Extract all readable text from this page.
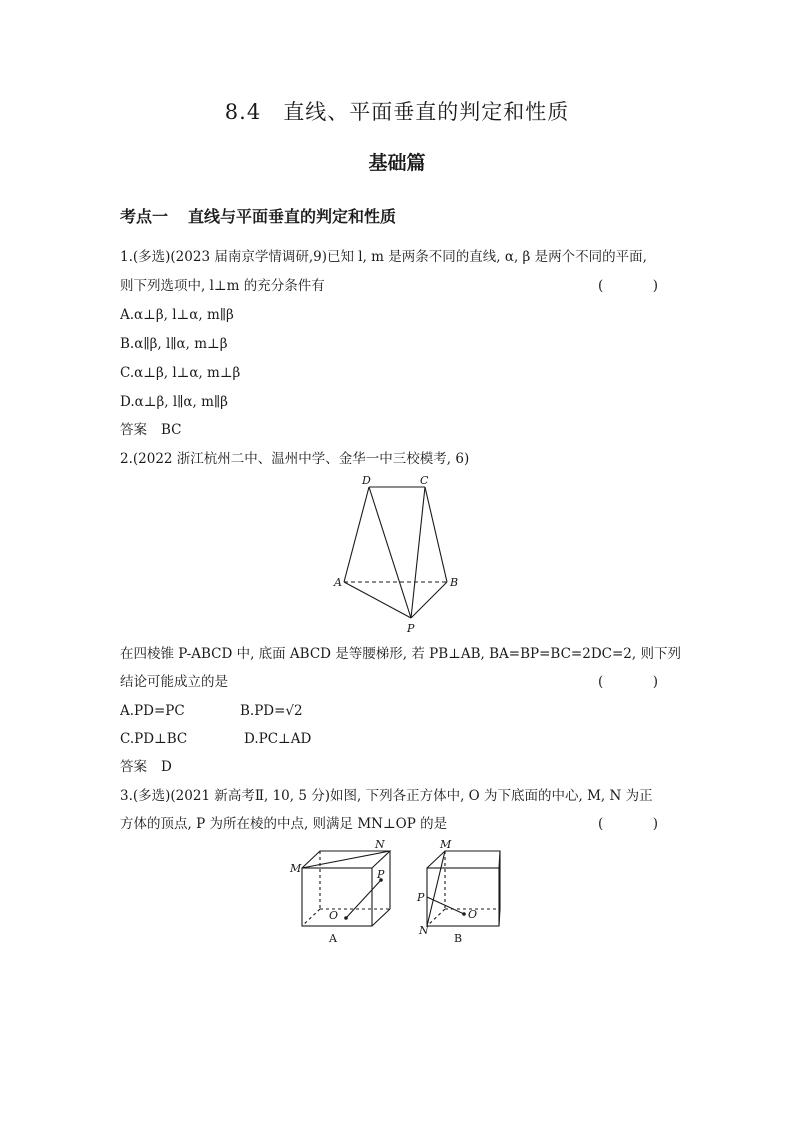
8.4　直线、平面垂直的判定和性质
基础篇
考点一 直线与平面垂直的判定和性质
1.(多选)(2023 届南京学情调研,9)已知 l, m 是两条不同的直线, α, β 是两个不同的平面,
则下列选项中, l⊥m 的充分条件有	(　)
A.α⊥β, l⊥α, m∥β
B.α∥β, l∥α, m⊥β
C.α⊥β, l⊥α, m⊥β
D.α⊥β, l∥α, m∥β
答案 BC
2.(2022 浙江杭州二中、温州中学、金华一中三校模考, 6)
D	C
A	B
P
在四棱锥 P-ABCD 中, 底面 ABCD 是等腰梯形, 若 PB⊥AB, BA=BP=BC=2DC=2, 则下列
结论可能成立的是	(　)
A.PD=PC	B.PD=√2
C.PD⊥BC	D.PC⊥AD
答案 D
3.(多选)(2021 新高考Ⅱ, 10, 5 分)如图, 下列各正方体中, O 为下底面的中心, M, N 为正
方体的顶点, P 为所在棱的中点, 则满足 MN⊥OP 的是	(　)
M
N
P
O
A
M
P
N
O
B
